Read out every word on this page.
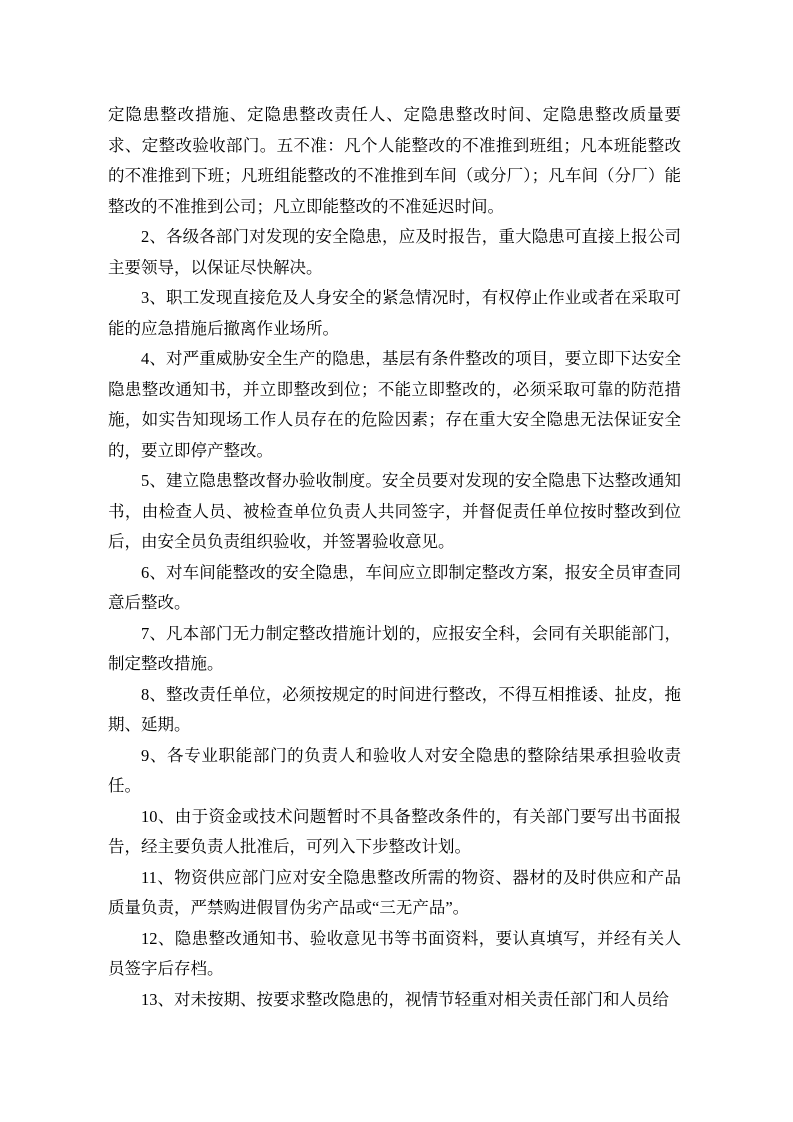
定隐患整改措施、定隐患整改责任人、定隐患整改时间、定隐患整改质量要求、定整改验收部门。五不准：凡个人能整改的不准推到班组；凡本班能整改的不准推到下班；凡班组能整改的不准推到车间（或分厂）；凡车间（分厂）能整改的不准推到公司；凡立即能整改的不准延迟时间。

2、各级各部门对发现的安全隐患，应及时报告，重大隐患可直接上报公司主要领导，以保证尽快解决。

3、职工发现直接危及人身安全的紧急情况时，有权停止作业或者在采取可能的应急措施后撤离作业场所。

4、对严重威胁安全生产的隐患，基层有条件整改的项目，要立即下达安全隐患整改通知书，并立即整改到位；不能立即整改的，必须采取可靠的防范措施，如实告知现场工作人员存在的危险因素；存在重大安全隐患无法保证安全的，要立即停产整改。

5、建立隐患整改督办验收制度。安全员要对发现的安全隐患下达整改通知书，由检查人员、被检查单位负责人共同签字，并督促责任单位按时整改到位后，由安全员负责组织验收，并签署验收意见。

6、对车间能整改的安全隐患，车间应立即制定整改方案，报安全员审查同意后整改。

7、凡本部门无力制定整改措施计划的，应报安全科，会同有关职能部门，制定整改措施。

8、整改责任单位，必须按规定的时间进行整改，不得互相推诿、扯皮，拖期、延期。

9、各专业职能部门的负责人和验收人对安全隐患的整除结果承担验收责任。

10、由于资金或技术问题暂时不具备整改条件的，有关部门要写出书面报告，经主要负责人批准后，可列入下步整改计划。

11、物资供应部门应对安全隐患整改所需的物资、器材的及时供应和产品质量负责，严禁购进假冒伪劣产品或“三无产品”。

12、隐患整改通知书、验收意见书等书面资料，要认真填写，并经有关人员签字后存档。

13、对未按期、按要求整改隐患的，视情节轻重对相关责任部门和人员给
